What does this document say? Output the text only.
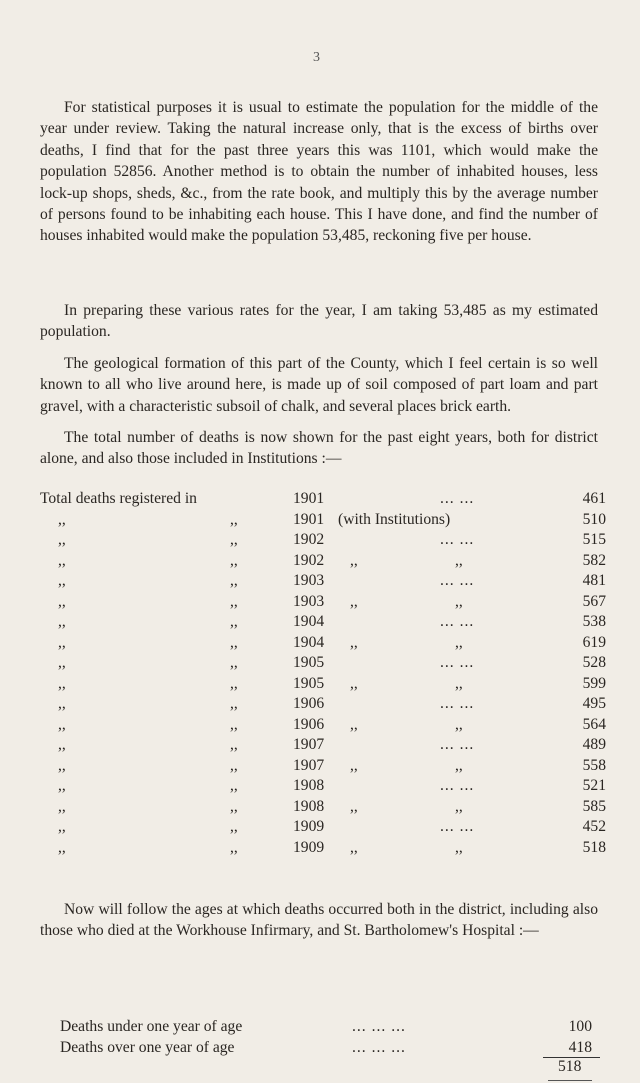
3

For statistical purposes it is usual to estimate the population for the middle of the year under review. Taking the natural increase only, that is the excess of births over deaths, I find that for the past three years this was 1101, which would make the population 52856. Another method is to obtain the number of inhabited houses, less lock-up shops, sheds, &c., from the rate book, and multiply this by the average number of persons found to be inhabiting each house. This I have done, and find the number of houses inhabited would make the population 53,485, reckoning five per house.

In preparing these various rates for the year, I am taking 53,485 as my estimated population.

The geological formation of this part of the County, which I feel certain is so well known to all who live around here, is made up of soil composed of part loam and part gravel, with a characteristic subsoil of chalk, and several places brick earth.

The total number of deaths is now shown for the past eight years, both for district alone, and also those included in Institutions :—

Total deaths registered in	1901	... ...	461
,,	,,	1901 (with Institutions)	510
,,	,,	1902	... ...	515
,,	,,	1902 ,,	,,	582
,,	,,	1903	... ...	481
,,	,,	1903 ,,	,,	567
,,	,,	1904	... ...	538
,,	,,	1904 ,,	,,	619
,,	,,	1905	... ...	528
,,	,,	1905 ,,	,,	599
,,	,,	1906	... ...	495
,,	,,	1906 ,,	,,	564
,,	,,	1907	... ...	489
,,	,,	1907 ,,	,,	558
,,	,,	1908	... ...	521
,,	,,	1908 ,,	,,	585
,,	,,	1909	... ...	452
,,	,,	1909 ,,	,,	518

Now will follow the ages at which deaths occurred both in the district, including also those who died at the Workhouse Infirmary, and St. Bartholomew's Hospital :—

Deaths under one year of age	... ... ...	100
Deaths over one year of age	... ... ...	418
518
